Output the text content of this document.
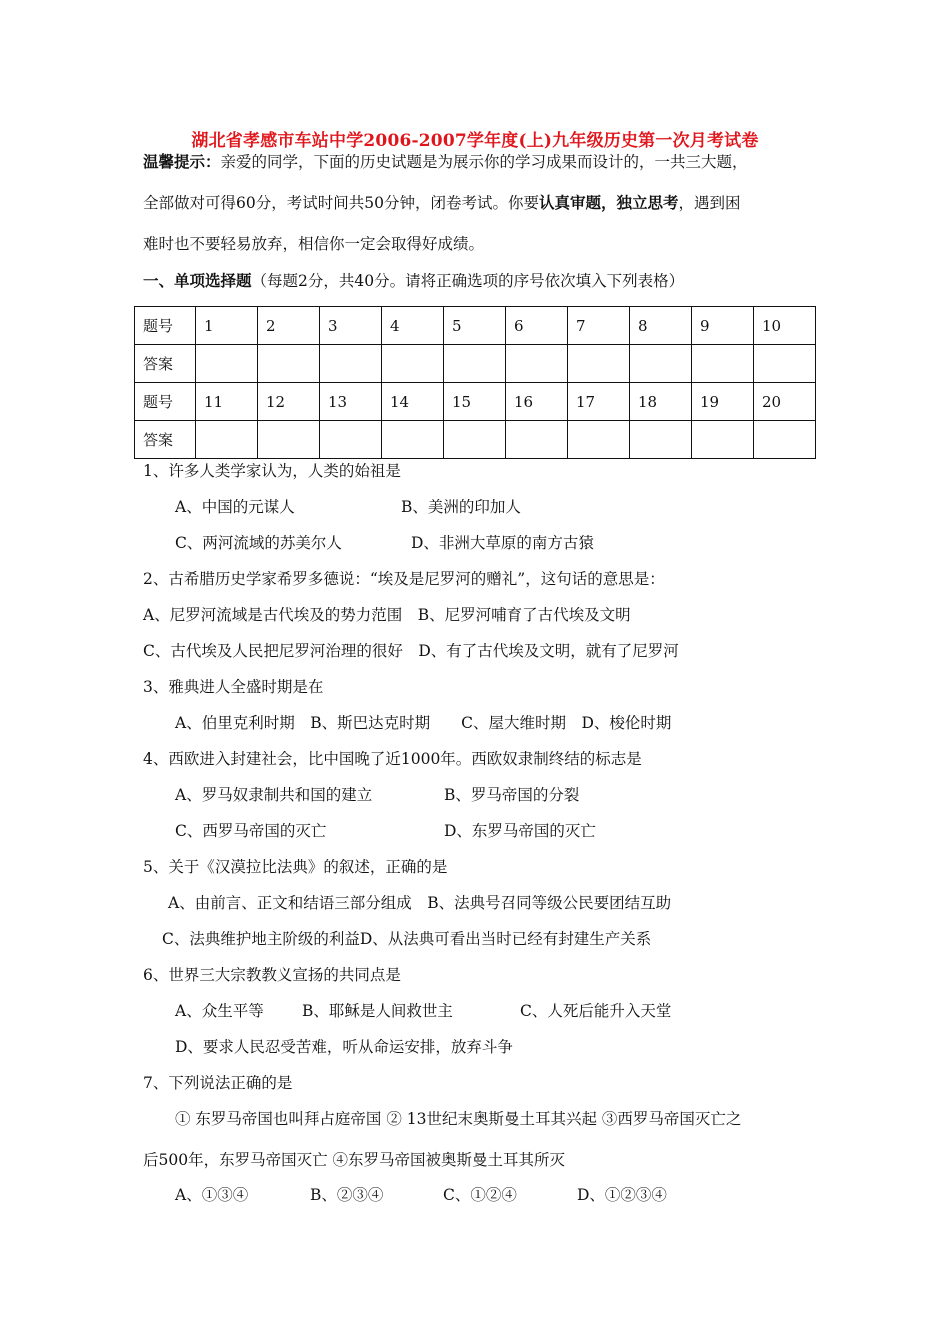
湖北省孝感市车站中学2006-2007学年度(上)九年级历史第一次月考试卷
温馨提示：亲爱的同学，下面的历史试题是为展示你的学习成果而设计的，一共三大题，
全部做对可得60分，考试时间共50分钟，闭卷考试。你要认真审题，独立思考，遇到困
难时也不要轻易放弃，相信你一定会取得好成绩。
一、单项选择题（每题2分，共40分。请将正确选项的序号依次填入下列表格）
题号	1	2	3	4	5	6	7	8	9	10
答案										
题号	11	12	13	14	15	16	17	18	19	20
答案										
1、许多人类学家认为，人类的始祖是
A、中国的元谋人	B、美洲的印加人
C、两河流域的苏美尔人	D、非洲大草原的南方古猿
2、古希腊历史学家希罗多德说：“埃及是尼罗河的赠礼”，这句话的意思是：
A、尼罗河流域是古代埃及的势力范围　B、尼罗河哺育了古代埃及文明
C、古代埃及人民把尼罗河治理的很好　D、有了古代埃及文明，就有了尼罗河
3、雅典进人全盛时期是在
A、伯里克利时期　B、斯巴达克时期　　C、屋大维时期　D、梭伦时期
4、西欧进入封建社会，比中国晚了近1000年。西欧奴隶制终结的标志是
A、罗马奴隶制共和国的建立	B、罗马帝国的分裂
C、西罗马帝国的灭亡	D、东罗马帝国的灭亡
5、关于《汉漠拉比法典》的叙述，正确的是
A、由前言、正文和结语三部分组成　B、法典号召同等级公民要团结互助
C、法典维护地主阶级的利益D、从法典可看出当时已经有封建生产关系
6、世界三大宗教教义宣扬的共同点是
A、众生平等 B、耶稣是人间救世主	C、人死后能升入天堂
D、要求人民忍受苦难，听从命运安排，放弃斗争
7、下列说法正确的是
① 东罗马帝国也叫拜占庭帝国 ② 13世纪末奥斯曼土耳其兴起 ③西罗马帝国灭亡之
后500年，东罗马帝国灭亡 ④东罗马帝国被奥斯曼土耳其所灭
A、①③④	B、②③④	C、①②④	D、①②③④
